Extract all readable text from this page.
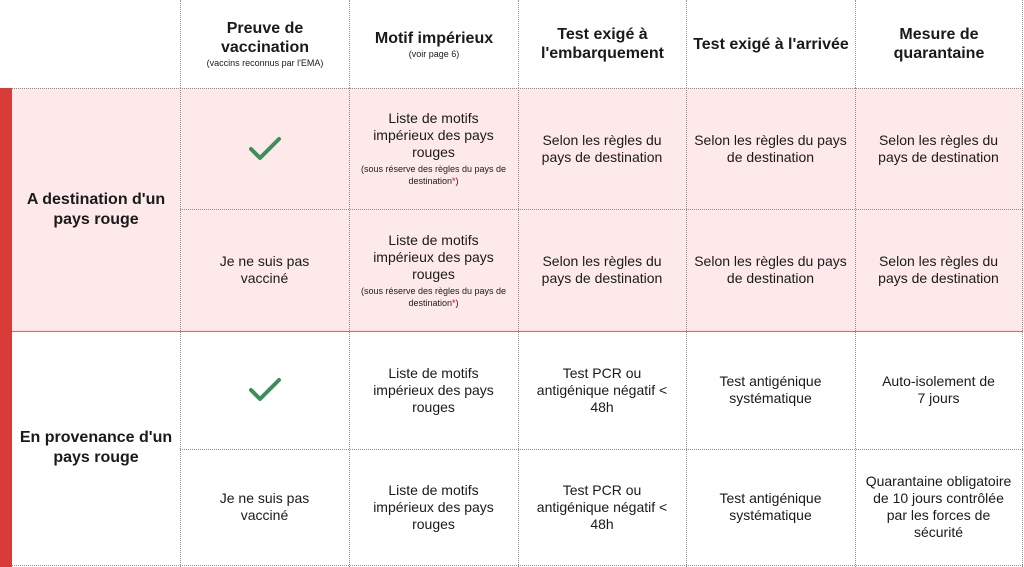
Preuve de vaccination
(vaccins reconnus par l'EMA)
Motif impérieux
(voir page 6)
Test exigé à l'embarquement
Test exigé à l'arrivée
Mesure de quarantaine
A destination d'un pays rouge
Liste de motifs impérieux des pays rouges
(sous réserve des règles du pays de destination*)
Selon les règles du pays de destination
Selon les règles du pays de destination
Selon les règles du pays de destination
Je ne suis pas vacciné
Liste de motifs impérieux des pays rouges
(sous réserve des règles du pays de destination*)
Selon les règles du pays de destination
Selon les règles du pays de destination
Selon les règles du pays de destination
En provenance d'un pays rouge
Liste de motifs impérieux des pays rouges
Test PCR ou antigénique négatif < 48h
Test antigénique systématique
Auto-isolement de 7 jours
Je ne suis pas vacciné
Liste de motifs impérieux des pays rouges
Test PCR ou antigénique négatif < 48h
Test antigénique systématique
Quarantaine obligatoire de 10 jours contrôlée par les forces de sécurité
